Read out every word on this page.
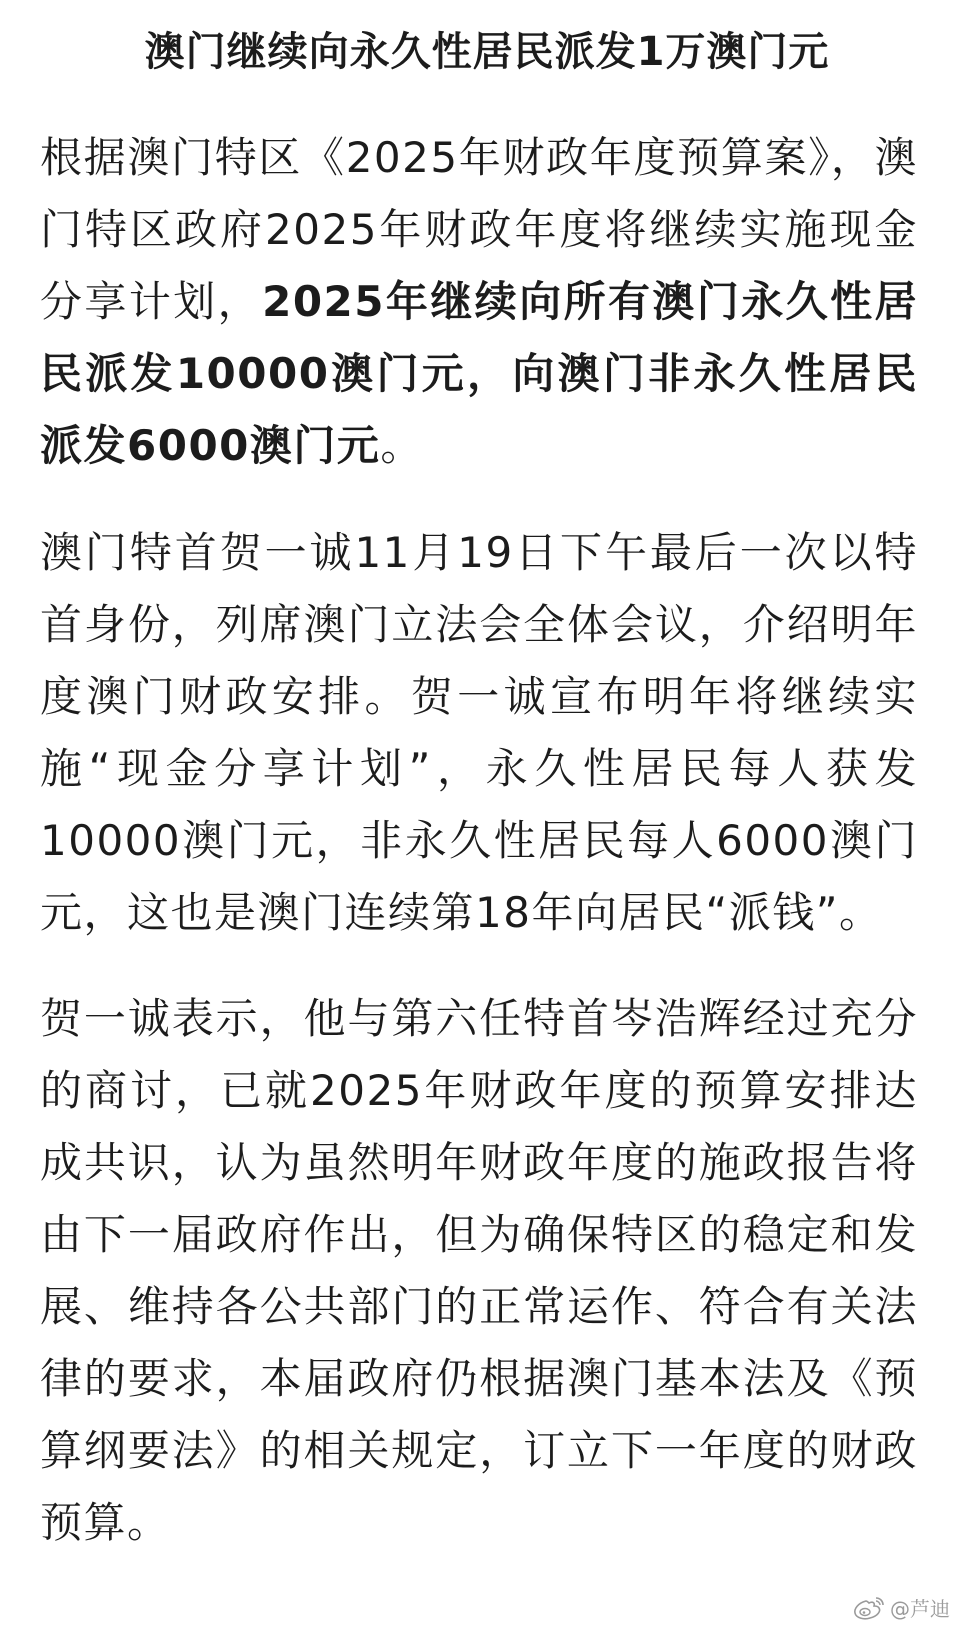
澳门继续向永久性居民派发1万澳门元

根据澳门特区《2025年财政年度预算案》，澳门特区政府2025年财政年度将继续实施现金分享计划，2025年继续向所有澳门永久性居民派发10000澳门元，向澳门非永久性居民派发6000澳门元。

澳门特首贺一诚11月19日下午最后一次以特首身份，列席澳门立法会全体会议，介绍明年度澳门财政安排。贺一诚宣布明年将继续实施“现金分享计划”，永久性居民每人获发10000澳门元，非永久性居民每人6000澳门元，这也是澳门连续第18年向居民“派钱”。

贺一诚表示，他与第六任特首岑浩辉经过充分的商讨，已就2025年财政年度的预算安排达成共识，认为虽然明年财政年度的施政报告将由下一届政府作出，但为确保特区的稳定和发展、维持各公共部门的正常运作、符合有关法律的要求，本届政府仍根据澳门基本法及《预算纲要法》的相关规定，订立下一年度的财政预算。

@芦迪
